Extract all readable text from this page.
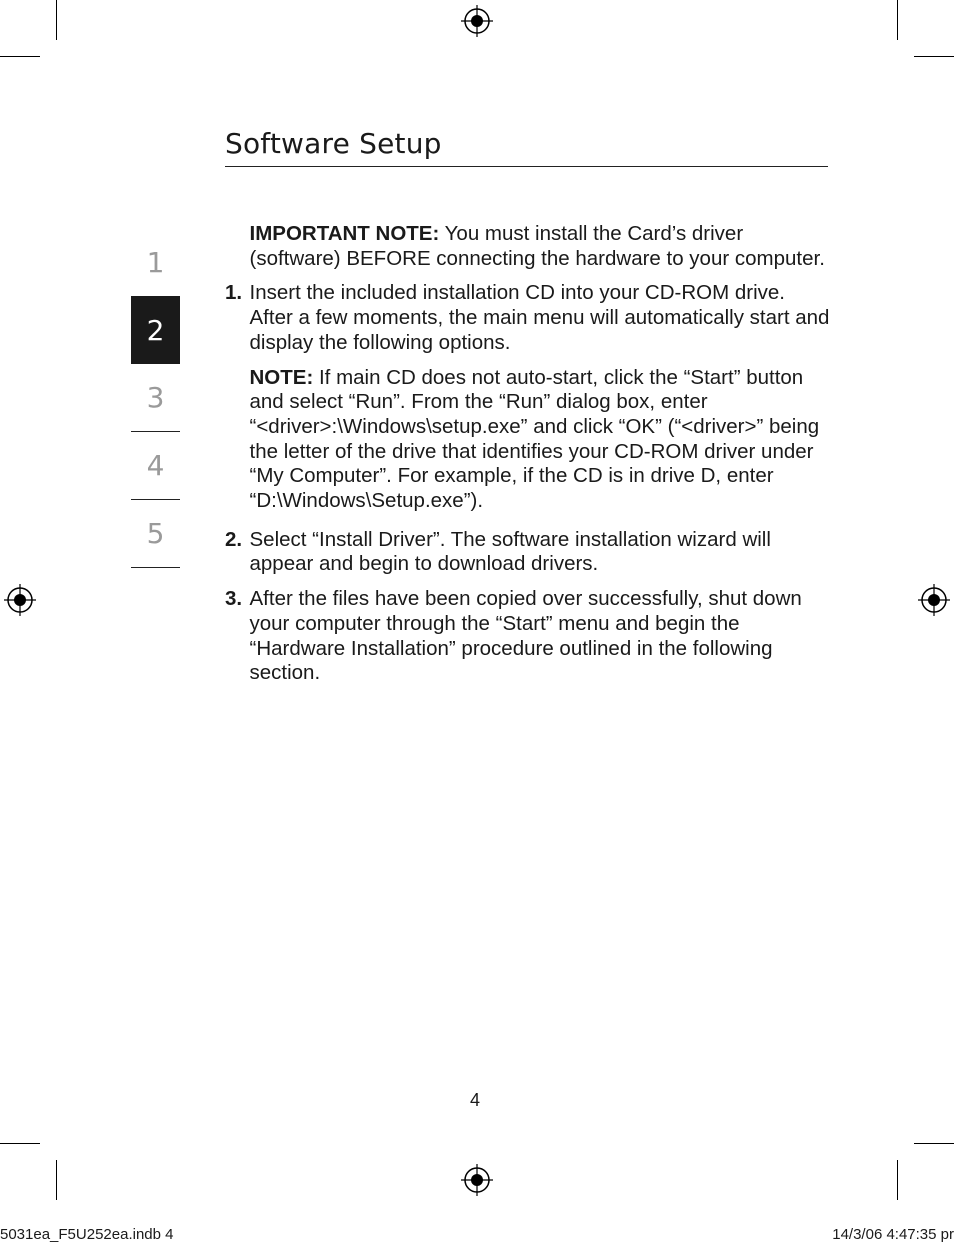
Software Setup
1
2
3
4
5

IMPORTANT NOTE: You must install the Card’s driver (software) BEFORE connecting the hardware to your computer.

1. Insert the included installation CD into your CD-ROM drive. After a few moments, the main menu will automatically start and display the following options.

NOTE: If main CD does not auto-start, click the “Start” button and select “Run”. From the “Run” dialog box, enter “<driver>:\Windows\setup.exe” and click “OK” (“<driver>” being the letter of the drive that identifies your CD-ROM driver under “My Computer”. For example, if the CD is in drive D, enter “D:\Windows\Setup.exe”).

2. Select “Install Driver”. The software installation wizard will appear and begin to download drivers.

3. After the files have been copied over successfully, shut down your computer through the “Start” menu and begin the “Hardware Installation” procedure outlined in the following section.

4
5031ea_F5U252ea.indb 4	14/3/06 4:47:35 pr
